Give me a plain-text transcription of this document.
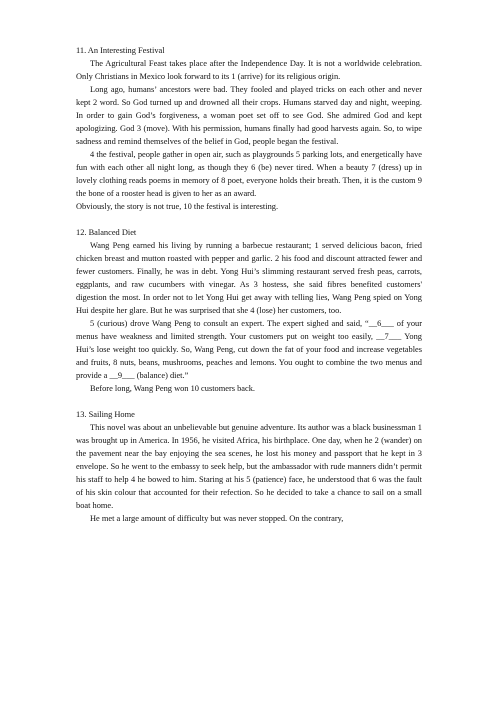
11. An Interesting Festival

The Agricultural Feast takes place after the Independence Day. It is not a worldwide celebration. Only Christians in Mexico look forward to its 1 (arrive) for its religious origin.

Long ago, humans’ ancestors were bad. They fooled and played tricks on each other and never kept 2 word. So God turned up and drowned all their crops. Humans starved day and night, weeping. In order to gain God’s forgiveness, a woman poet set off to see God. She admired God and kept apologizing. God 3 (move). With his permission, humans finally had good harvests again. So, to wipe sadness and remind themselves of the belief in God, people began the festival.

4 the festival, people gather in open air, such as playgrounds 5 parking lots, and energetically have fun with each other all night long, as though they 6 (be) never tired. When a beauty 7 (dress) up in lovely clothing reads poems in memory of 8 poet, everyone holds their breath. Then, it is the custom 9 the bone of a rooster head is given to her as an award.

Obviously, the story is not true, 10 the festival is interesting.

12. Balanced Diet

Wang Peng earned his living by running a barbecue restaurant; 1 served delicious bacon, fried chicken breast and mutton roasted with pepper and garlic. 2 his food and discount attracted fewer and fewer customers. Finally, he was in debt. Yong Hui’s slimming restaurant served fresh peas, carrots, eggplants, and raw cucumbers with vinegar. As 3 hostess, she said fibres benefited customers' digestion the most. In order not to let Yong Hui get away with telling lies, Wang Peng spied on Yong Hui despite her glare. But he was surprised that she 4 (lose) her customers, too.

5 (curious) drove Wang Peng to consult an expert. The expert sighed and said, “__6___ of your menus have weakness and limited strength. Your customers put on weight too easily, __7___ Yong Hui’s lose weight too quickly. So, Wang Peng, cut down the fat of your food and increase vegetables and fruits, 8 nuts, beans, mushrooms, peaches and lemons. You ought to combine the two menus and provide a __9___ (balance) diet.”

Before long, Wang Peng won 10 customers back.

13. Sailing Home

This novel was about an unbelievable but genuine adventure. Its author was a black businessman 1 was brought up in America. In 1956, he visited Africa, his birthplace. One day, when he 2 (wander) on the pavement near the bay enjoying the sea scenes, he lost his money and passport that he kept in 3 envelope. So he went to the embassy to seek help, but the ambassador with rude manners didn’t permit his staff to help 4 he bowed to him. Staring at his 5 (patience) face, he understood that 6 was the fault of his skin colour that accounted for their refection. So he decided to take a chance to sail on a small boat home.

He met a large amount of difficulty but was never stopped. On the contrary,
